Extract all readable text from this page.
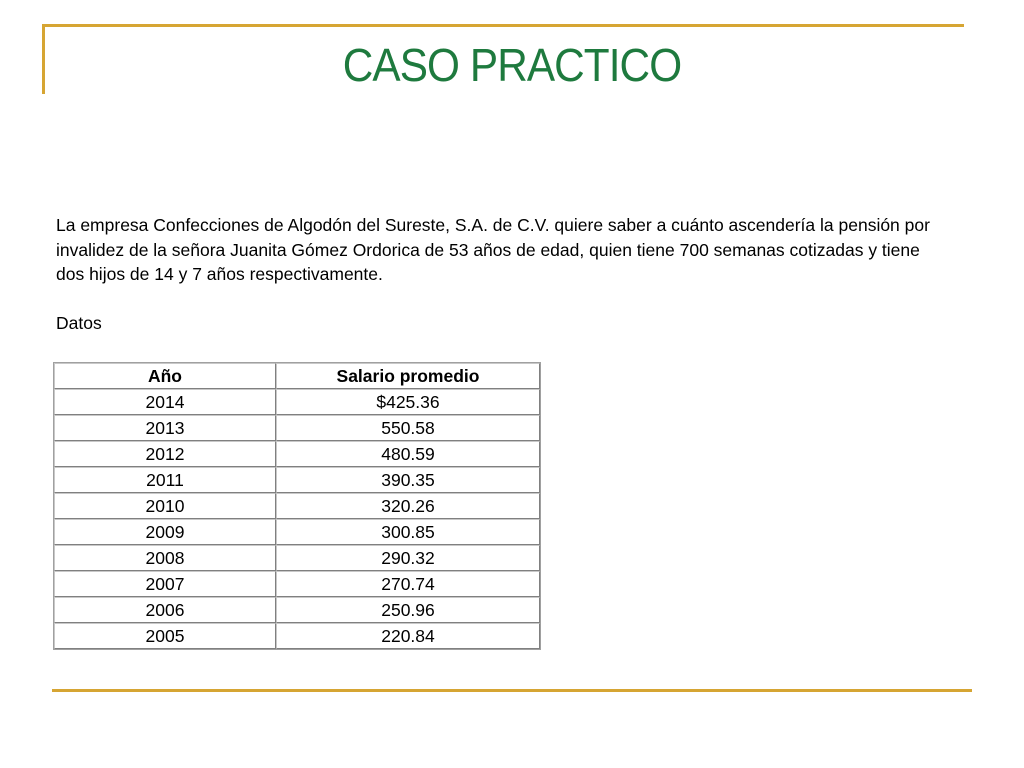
CASO PRACTICO
La empresa Confecciones de Algodón del Sureste, S.A. de C.V. quiere saber a cuánto ascendería la pensión por invalidez de la señora Juanita Gómez Ordorica de 53 años de edad, quien tiene 700 semanas cotizadas y tiene dos hijos de 14 y 7 años respectivamente.
Datos
Año	Salario promedio
2014	$425.36
2013	550.58
2012	480.59
2011	390.35
2010	320.26
2009	300.85
2008	290.32
2007	270.74
2006	250.96
2005	220.84
